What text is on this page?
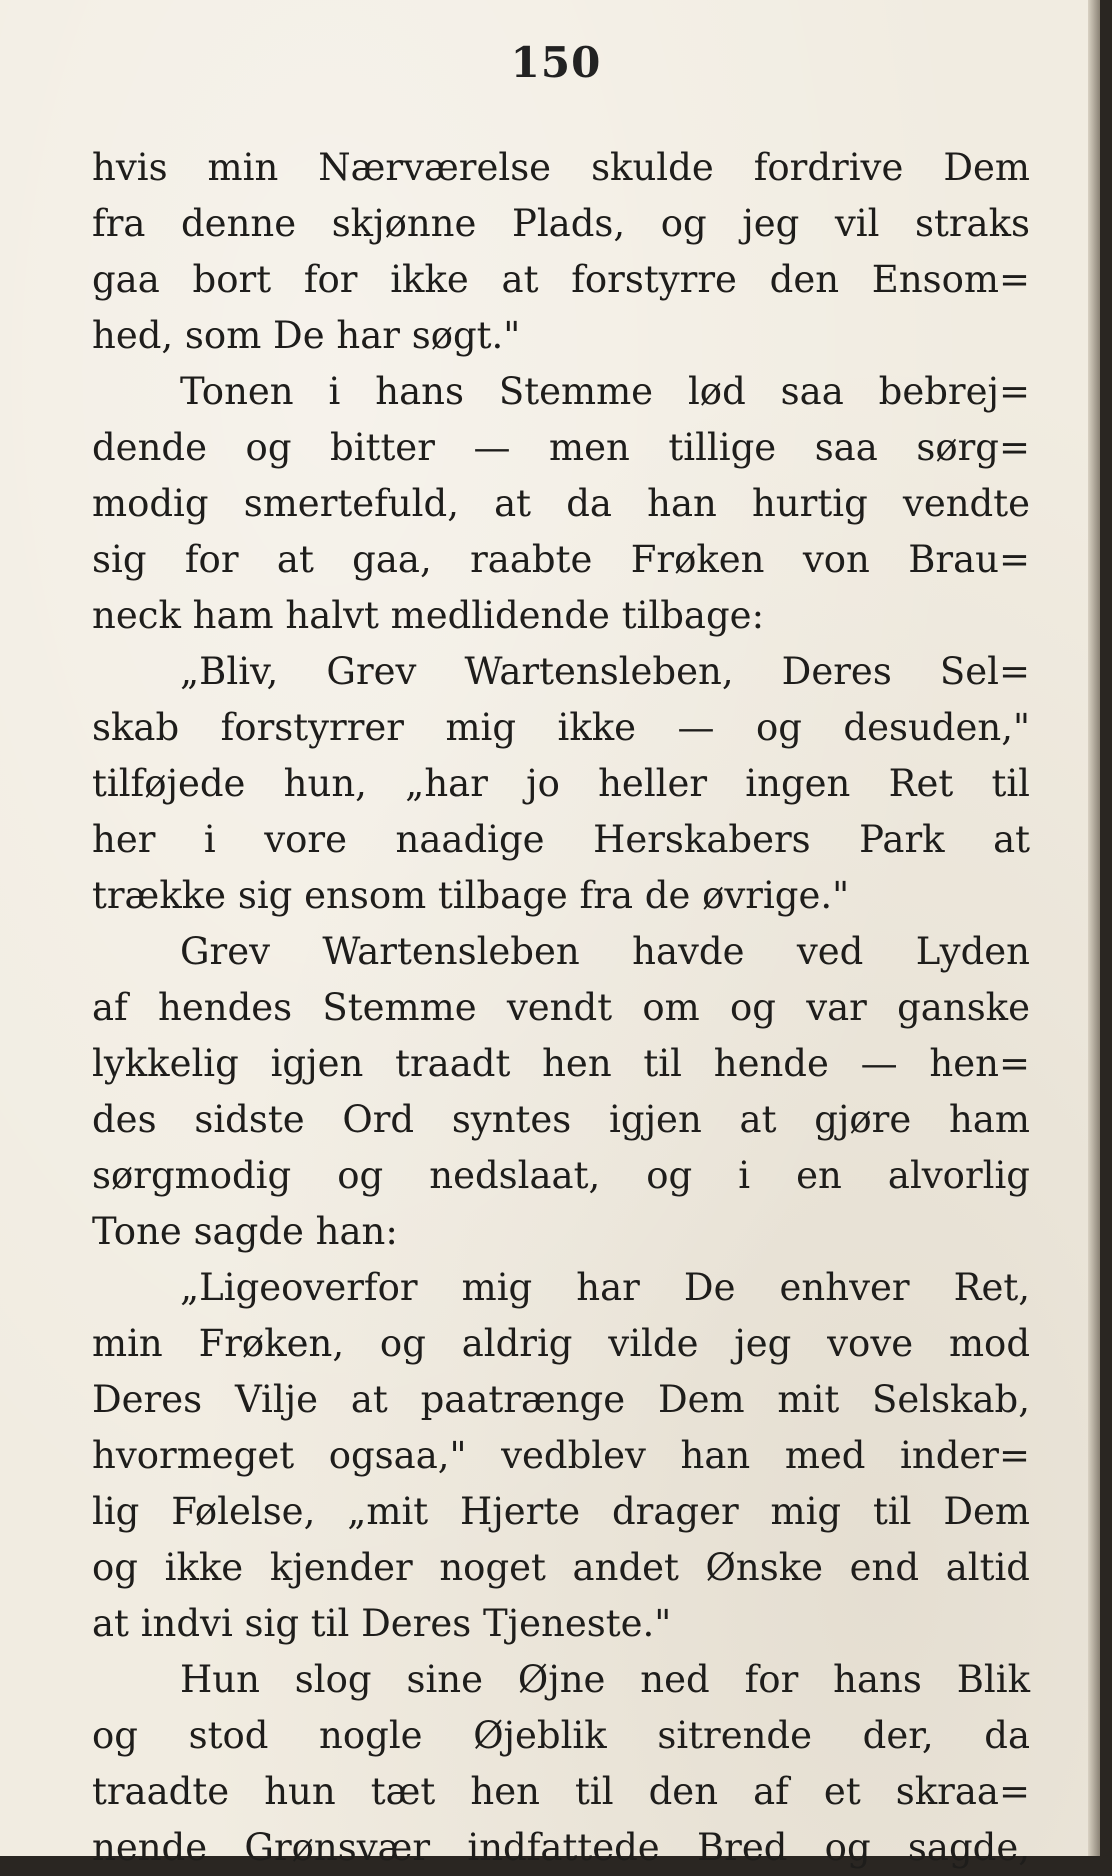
150
hvis min Nærværelse skulde fordrive Dem
fra denne skjønne Plads, og jeg vil straks
gaa bort for ikke at forstyrre den Ensom=
hed, som De har søgt."
Tonen i hans Stemme lød saa bebrej=
dende og bitter — men tillige saa sørg=
modig smertefuld, at da han hurtig vendte
sig for at gaa, raabte Frøken von Brau=
neck ham halvt medlidende tilbage:
„Bliv, Grev Wartensleben, Deres Sel=
skab forstyrrer mig ikke — og desuden,"
tilføjede hun, „har jo heller ingen Ret til
her i vore naadige Herskabers Park at
trække sig ensom tilbage fra de øvrige."
Grev Wartensleben havde ved Lyden
af hendes Stemme vendt om og var ganske
lykkelig igjen traadt hen til hende — hen=
des sidste Ord syntes igjen at gjøre ham
sørgmodig og nedslaat, og i en alvorlig
Tone sagde han:
„Ligeoverfor mig har De enhver Ret,
min Frøken, og aldrig vilde jeg vove mod
Deres Vilje at paatrænge Dem mit Selskab,
hvormeget ogsaa," vedblev han med inder=
lig Følelse, „mit Hjerte drager mig til Dem
og ikke kjender noget andet Ønske end altid
at indvi sig til Deres Tjeneste."
Hun slog sine Øjne ned for hans Blik
og stod nogle Øjeblik sitrende der, da
traadte hun tæt hen til den af et skraa=
nende Grønsvær indfattede Bred og sagde,
